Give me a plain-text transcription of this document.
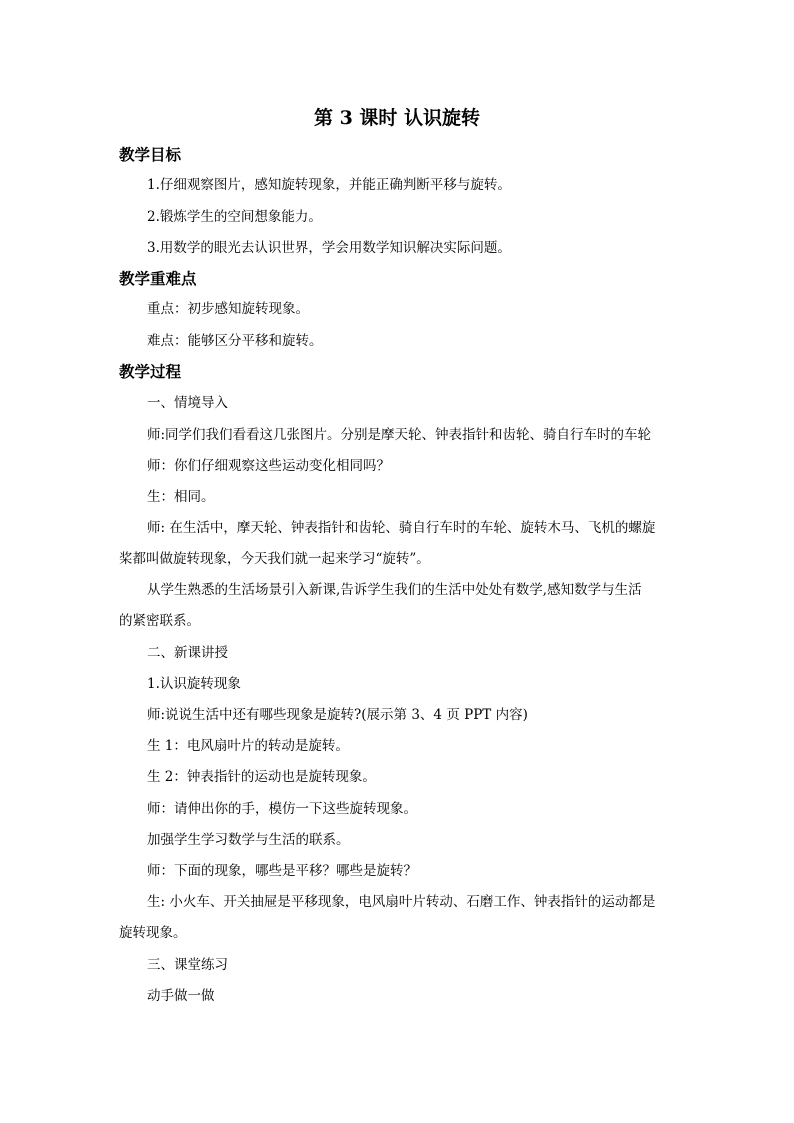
第 3 课时 认识旋转
教学目标
1.仔细观察图片，感知旋转现象，并能正确判断平移与旋转。
2.锻炼学生的空间想象能力。
3.用数学的眼光去认识世界，学会用数学知识解决实际问题。
教学重难点
重点：初步感知旋转现象。
难点：能够区分平移和旋转。
教学过程
一、情境导入
师:同学们我们看看这几张图片。分别是摩天轮、钟表指针和齿轮、骑自行车时的车轮
师：你们仔细观察这些运动变化相同吗？
生：相同。
师: 在生活中，摩天轮、钟表指针和齿轮、骑自行车时的车轮、旋转木马、飞机的螺旋
桨都叫做旋转现象，今天我们就一起来学习“旋转”。
从学生熟悉的生活场景引入新课,告诉学生我们的生活中处处有数学,感知数学与生活
的紧密联系。
二、新课讲授
1.认识旋转现象
师:说说生活中还有哪些现象是旋转?(展示第 3、4 页 PPT 内容)
生 1：电风扇叶片的转动是旋转。
生 2：钟表指针的运动也是旋转现象。
师：请伸出你的手，模仿一下这些旋转现象。
加强学生学习数学与生活的联系。
师：下面的现象，哪些是平移？哪些是旋转？
生: 小火车、开关抽屉是平移现象，电风扇叶片转动、石磨工作、钟表指针的运动都是
旋转现象。
三、课堂练习
动手做一做
